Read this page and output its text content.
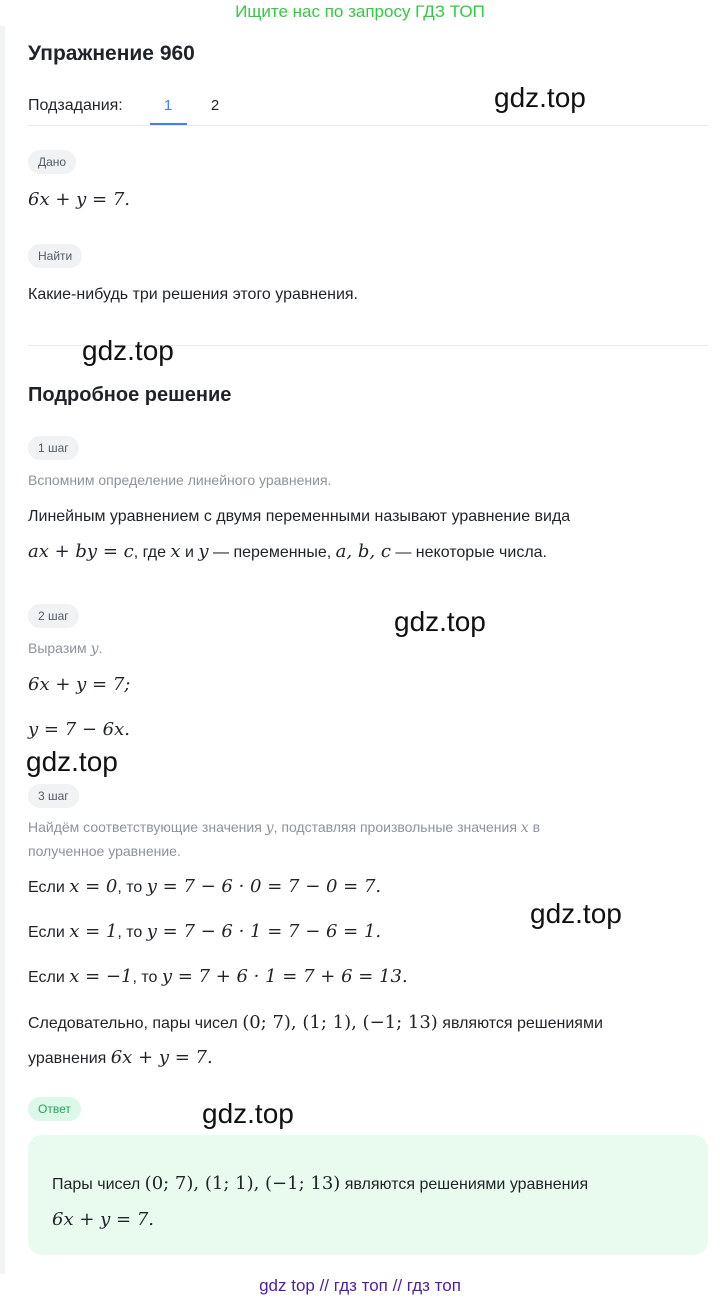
Ищите нас по запросу ГДЗ ТОП
Упражнение 960
Подзадания:	1	2
Дано
6x + y = 7.
Найти
Какие-нибудь три решения этого уравнения.
Подробное решение
1 шаг
Вспомним определение линейного уравнения.
Линейным уравнением с двумя переменными называют уравнение вида
ax + by = c, где x и y — переменные, a, b, c — некоторые числа.
2 шаг
Выразим y.
6x + y = 7;
y = 7 − 6x.
3 шаг
Найдём соответствующие значения y, подставляя произвольные значения x в
полученное уравнение.
Если x = 0, то y = 7 − 6 · 0 = 7 − 0 = 7.
Если x = 1, то y = 7 − 6 · 1 = 7 − 6 = 1.
Если x = −1, то y = 7 + 6 · 1 = 7 + 6 = 13.
Следовательно, пары чисел (0; 7), (1; 1), (−1; 13) являются решениями
уравнения 6x + y = 7.
Ответ
Пары чисел (0; 7), (1; 1), (−1; 13) являются решениями уравнения
6x + y = 7.
gdz.top
gdz.top
gdz.top
gdz.top
gdz.top
gdz.top
gdz top // гдз топ // гдз топ
